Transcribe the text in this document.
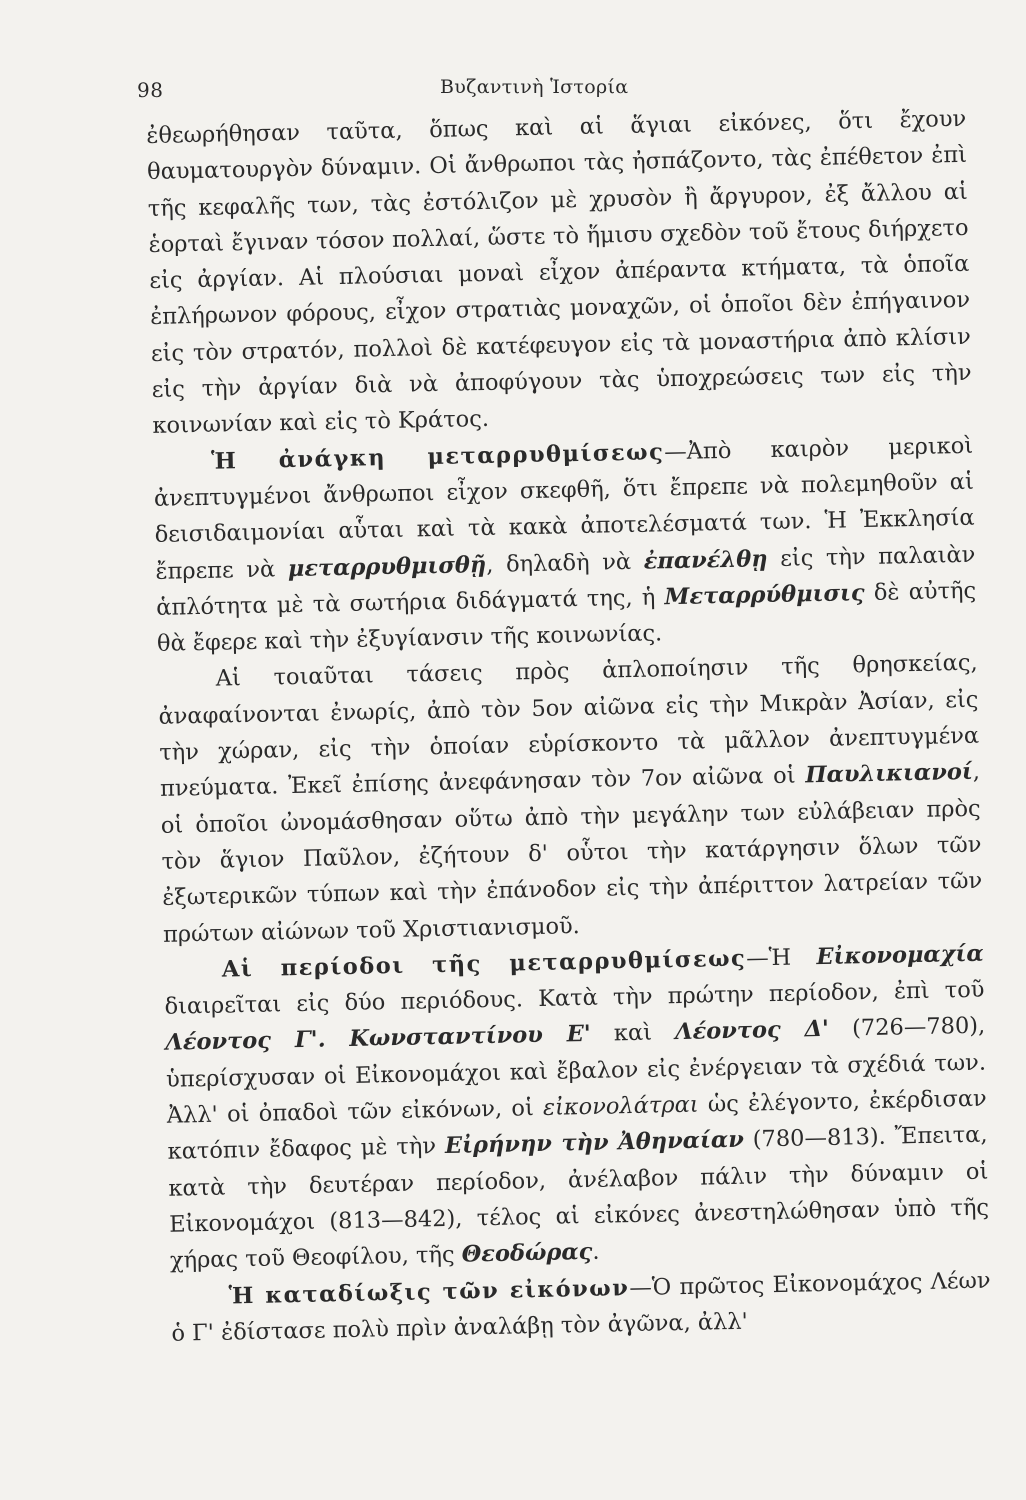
98	Βυζαντινὴ Ἱστορία

ἐθεωρήθησαν ταῦτα, ὅπως καὶ αἱ ἅγιαι εἰκόνες, ὅτι ἔχουν θαυματουργὸν δύναμιν. Οἱ ἄνθρωποι τὰς ἠσπάζοντο, τὰς ἐπέθετον ἐπὶ τῆς κεφαλῆς των, τὰς ἐστόλιζον μὲ χρυσὸν ἢ ἄργυρον, ἐξ ἄλλου αἱ ἑορταὶ ἔγιναν τόσον πολλαί, ὥστε τὸ ἥμισυ σχεδὸν τοῦ ἔτους διήρχετο εἰς ἀργίαν. Αἱ πλούσιαι μοναὶ εἶχον ἀπέραντα κτήματα, τὰ ὁποῖα ἐπλήρωνον φόρους, εἶχον στρατιὰς μοναχῶν, οἱ ὁποῖοι δὲν ἐπήγαινον εἰς τὸν στρατόν, πολλοὶ δὲ κατέφευγον εἰς τὰ μοναστήρια ἀπὸ κλίσιν εἰς τὴν ἀργίαν διὰ νὰ ἀποφύγουν τὰς ὑποχρεώσεις των εἰς τὴν κοινωνίαν καὶ εἰς τὸ Κράτος.

Ἡ ἀνάγκη μεταρρυθμίσεως—Ἀπὸ καιρὸν μερικοὶ ἀνεπτυγμένοι ἄνθρωποι εἶχον σκεφθῆ, ὅτι ἔπρεπε νὰ πολεμηθοῦν αἱ δεισιδαιμονίαι αὗται καὶ τὰ κακὰ ἀποτελέσματά των. Ἡ Ἐκκλησία ἔπρεπε νὰ μεταρρυθμισθῇ, δηλαδὴ νὰ ἐπανέλθῃ εἰς τὴν παλαιὰν ἁπλότητα μὲ τὰ σωτήρια διδάγματά της, ἡ Μεταρρύθμισις δὲ αὐτῆς θὰ ἔφερε καὶ τὴν ἐξυγίανσιν τῆς κοινωνίας.

Αἱ τοιαῦται τάσεις πρὸς ἁπλοποίησιν τῆς θρησκείας, ἀναφαίνονται ἐνωρίς, ἀπὸ τὸν 5ον αἰῶνα εἰς τὴν Μικρὰν Ἀσίαν, εἰς τὴν χώραν, εἰς τὴν ὁποίαν εὑρίσκοντο τὰ μᾶλλον ἀνεπτυγμένα πνεύματα. Ἐκεῖ ἐπίσης ἀνεφάνησαν τὸν 7ον αἰῶνα οἱ Παυλικιανοί, οἱ ὁποῖοι ὠνομάσθησαν οὕτω ἀπὸ τὴν μεγάλην των εὐλάβειαν πρὸς τὸν ἅγιον Παῦλον, ἐζήτουν δ' οὗτοι τὴν κατάργησιν ὅλων τῶν ἐξωτερικῶν τύπων καὶ τὴν ἐπάνοδον εἰς τὴν ἀπέριττον λατρείαν τῶν πρώτων αἰώνων τοῦ Χριστιανισμοῦ.

Αἱ περίοδοι τῆς μεταρρυθμίσεως—Ἡ Εἰκονομαχία διαιρεῖται εἰς δύο περιόδους. Κατὰ τὴν πρώτην περίοδον, ἐπὶ τοῦ Λέοντος Γ'. Κωνσταντίνου Ε' καὶ Λέοντος Δ' (726—780), ὑπερίσχυσαν οἱ Εἰκονομάχοι καὶ ἔβαλον εἰς ἐνέργειαν τὰ σχέδιά των. Ἀλλ' οἱ ὀπαδοὶ τῶν εἰκόνων, οἱ εἰκονολάτραι ὡς ἐλέγοντο, ἐκέρδισαν κατόπιν ἔδαφος μὲ τὴν Εἰρήνην τὴν Ἀθηναίαν (780—813). Ἔπειτα, κατὰ τὴν δευτέραν περίοδον, ἀνέλαβον πάλιν τὴν δύναμιν οἱ Εἰκονομάχοι (813—842), τέλος αἱ εἰκόνες ἀνεστηλώθησαν ὑπὸ τῆς χήρας τοῦ Θεοφίλου, τῆς Θεοδώρας.

Ἡ καταδίωξις τῶν εἰκόνων—Ὁ πρῶτος Εἰκονομάχος Λέων ὁ Γ' ἐδίστασε πολὺ πρὶν ἀναλάβῃ τὸν ἀγῶνα, ἀλλ'
